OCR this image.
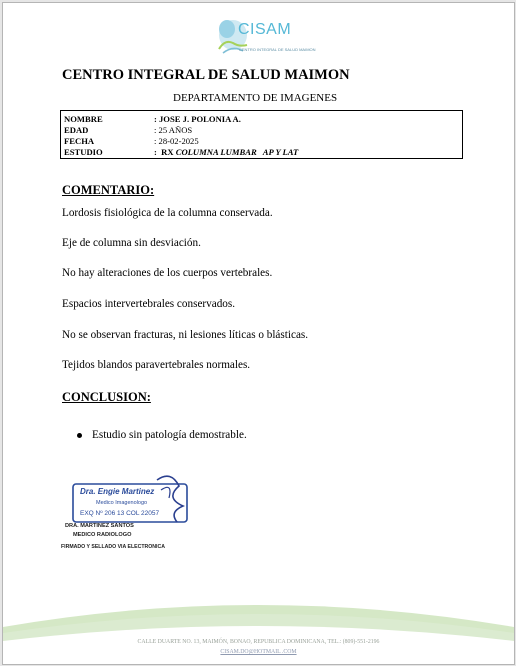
CISAM
CENTRO INTEGRAL DE SALUD MAIMON
CENTRO INTEGRAL DE SALUD MAIMON
DEPARTAMENTO DE IMAGENES
NOMBRE	: JOSE J. POLONIA A.
EDAD	: 25 AÑOS
FECHA	: 28-02-2025
ESTUDIO	:  RX COLUMNA LUMBAR   AP Y LAT
COMENTARIO:
Lordosis fisiológica de la columna conservada.
Eje de columna sin desviación.
No hay alteraciones de los cuerpos vertebrales.
Espacios intervertebrales conservados.
No se observan fracturas, ni lesiones líticas o blásticas.
Tejidos blandos paravertebrales normales.
CONCLUSION:
Estudio sin patología demostrable.
Dra. Engie Martinez
Medico Imagenologo
EXQ Nº 206 13 COL 22057
DRA. MARTINEZ SANTOS
MEDICO RADIOLOGO
FIRMADO Y SELLADO VIA ELECTRONICA
CALLE DUARTE NO. 13, MAIMÓN, BONAO, REPUBLICA DOMINICANA, TEL.: (809)-551-2196
CISAM.DO@HOTMAIL .COM
